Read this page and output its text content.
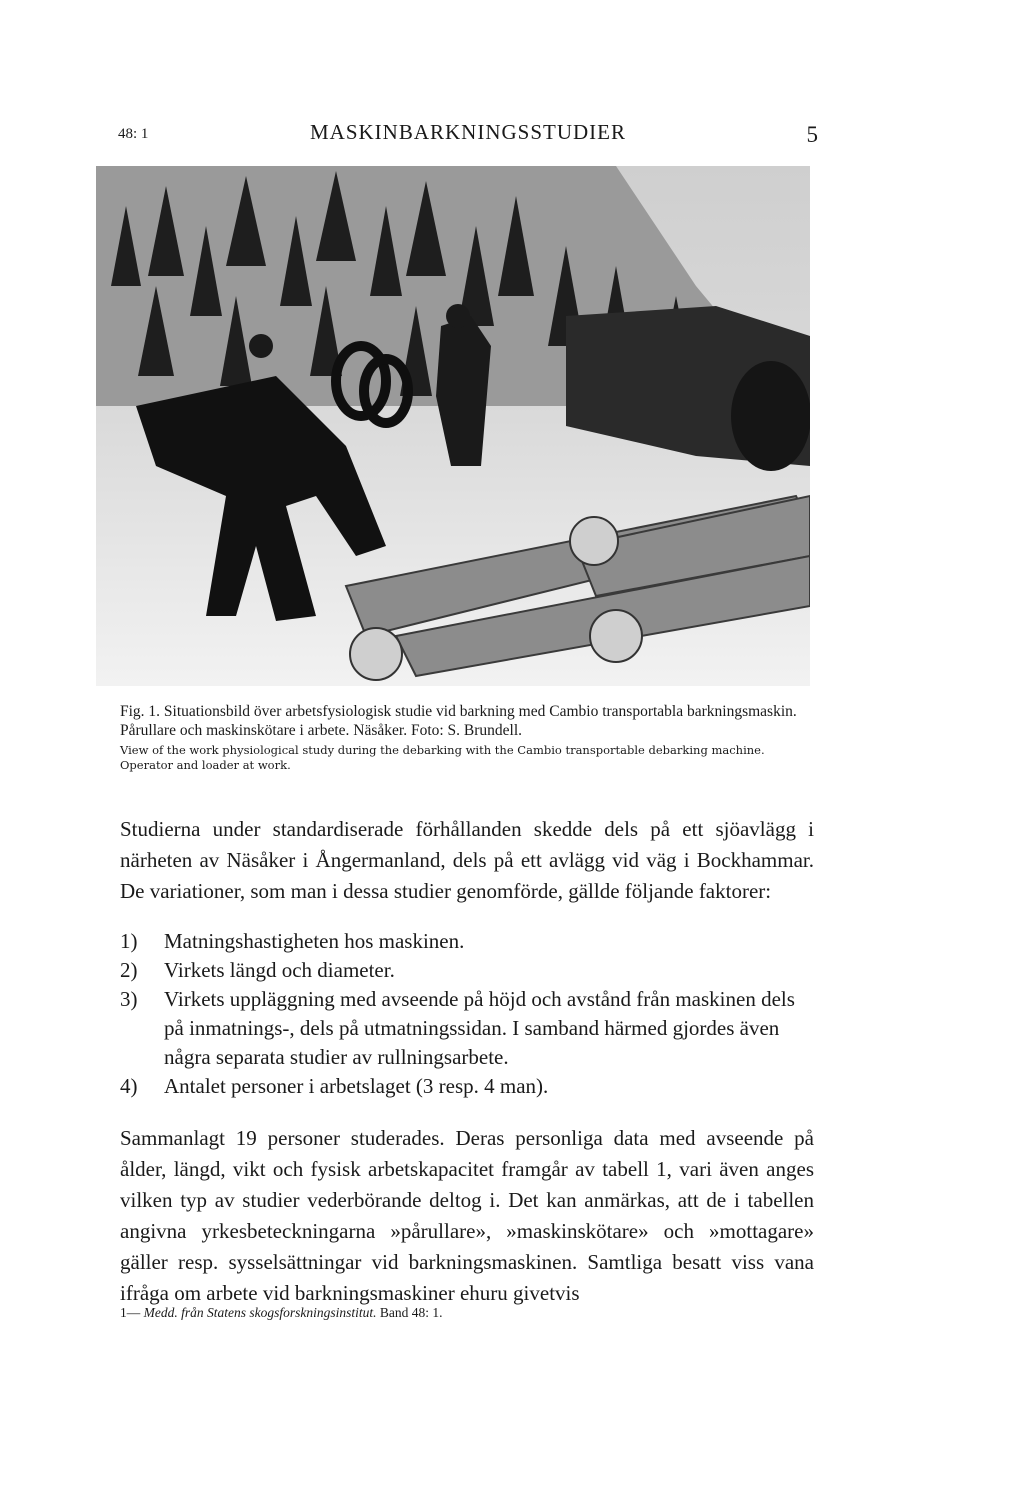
48: 1	MASKINBARKNINGSSTUDIER	5
Fig. 1. Situationsbild över arbetsfysiologisk studie vid barkning med Cambio transportabla barkningsmaskin. Pårullare och maskinskötare i arbete. Näsåker. Foto: S. Brundell.
View of the work physiological study during the debarking with the Cambio transportable debarking machine. Operator and loader at work.

Studierna under standardiserade förhållanden skedde dels på ett sjöavlägg i närheten av Näsåker i Ångermanland, dels på ett avlägg vid väg i Bockhammar. De variationer, som man i dessa studier genomförde, gällde följande faktorer:

1) Matningshastigheten hos maskinen.
2) Virkets längd och diameter.
3) Virkets uppläggning med avseende på höjd och avstånd från maskinen dels på inmatnings-, dels på utmatningssidan. I samband härmed gjordes även några separata studier av rullningsarbete.
4) Antalet personer i arbetslaget (3 resp. 4 man).

Sammanlagt 19 personer studerades. Deras personliga data med avseende på ålder, längd, vikt och fysisk arbetskapacitet framgår av tabell 1, vari även anges vilken typ av studier vederbörande deltog i. Det kan anmärkas, att de i tabellen angivna yrkesbeteckningarna »pårullare», »maskinskötare» och »mottagare» gäller resp. sysselsättningar vid barkningsmaskinen. Samtliga besatt viss vana ifråga om arbete vid barkningsmaskiner ehuru givetvis

1— Medd. från Statens skogsforskningsinstitut. Band 48: 1.
